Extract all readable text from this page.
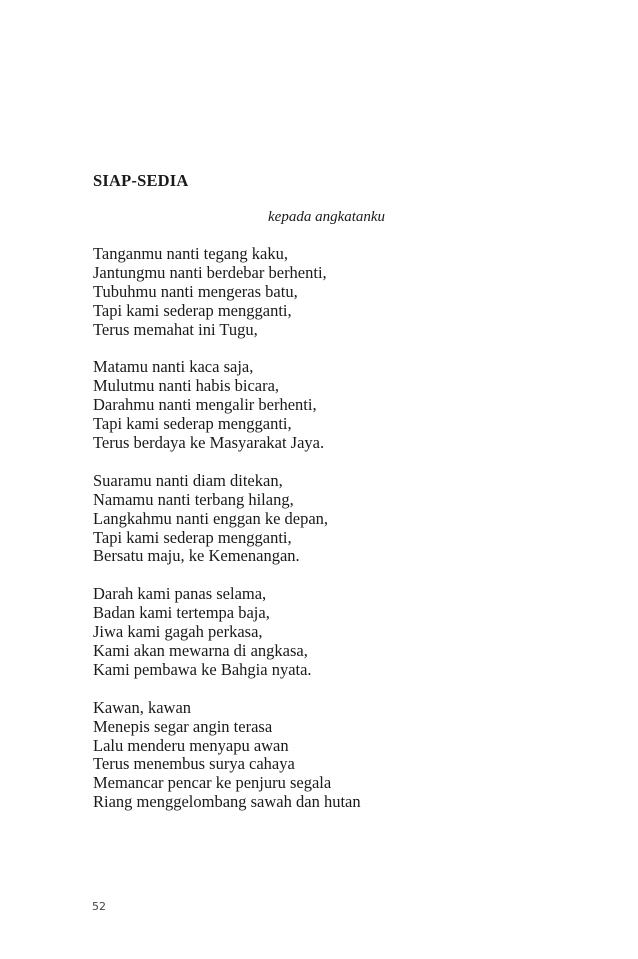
SIAP-SEDIA

kepada angkatanku

Tanganmu nanti tegang kaku,
Jantungmu nanti berdebar berhenti,
Tubuhmu nanti mengeras batu,
Tapi kami sederap mengganti,
Terus memahat ini Tugu,
Matamu nanti kaca saja,
Mulutmu nanti habis bicara,
Darahmu nanti mengalir berhenti,
Tapi kami sederap mengganti,
Terus berdaya ke Masyarakat Jaya.
Suaramu nanti diam ditekan,
Namamu nanti terbang hilang,
Langkahmu nanti enggan ke depan,
Tapi kami sederap mengganti,
Bersatu maju, ke Kemenangan.
Darah kami panas selama,
Badan kami tertempa baja,
Jiwa kami gagah perkasa,
Kami akan mewarna di angkasa,
Kami pembawa ke Bahgia nyata.
Kawan, kawan
Menepis segar angin terasa
Lalu menderu menyapu awan
Terus menembus surya cahaya
Memancar pencar ke penjuru segala
Riang menggelombang sawah dan hutan
52
